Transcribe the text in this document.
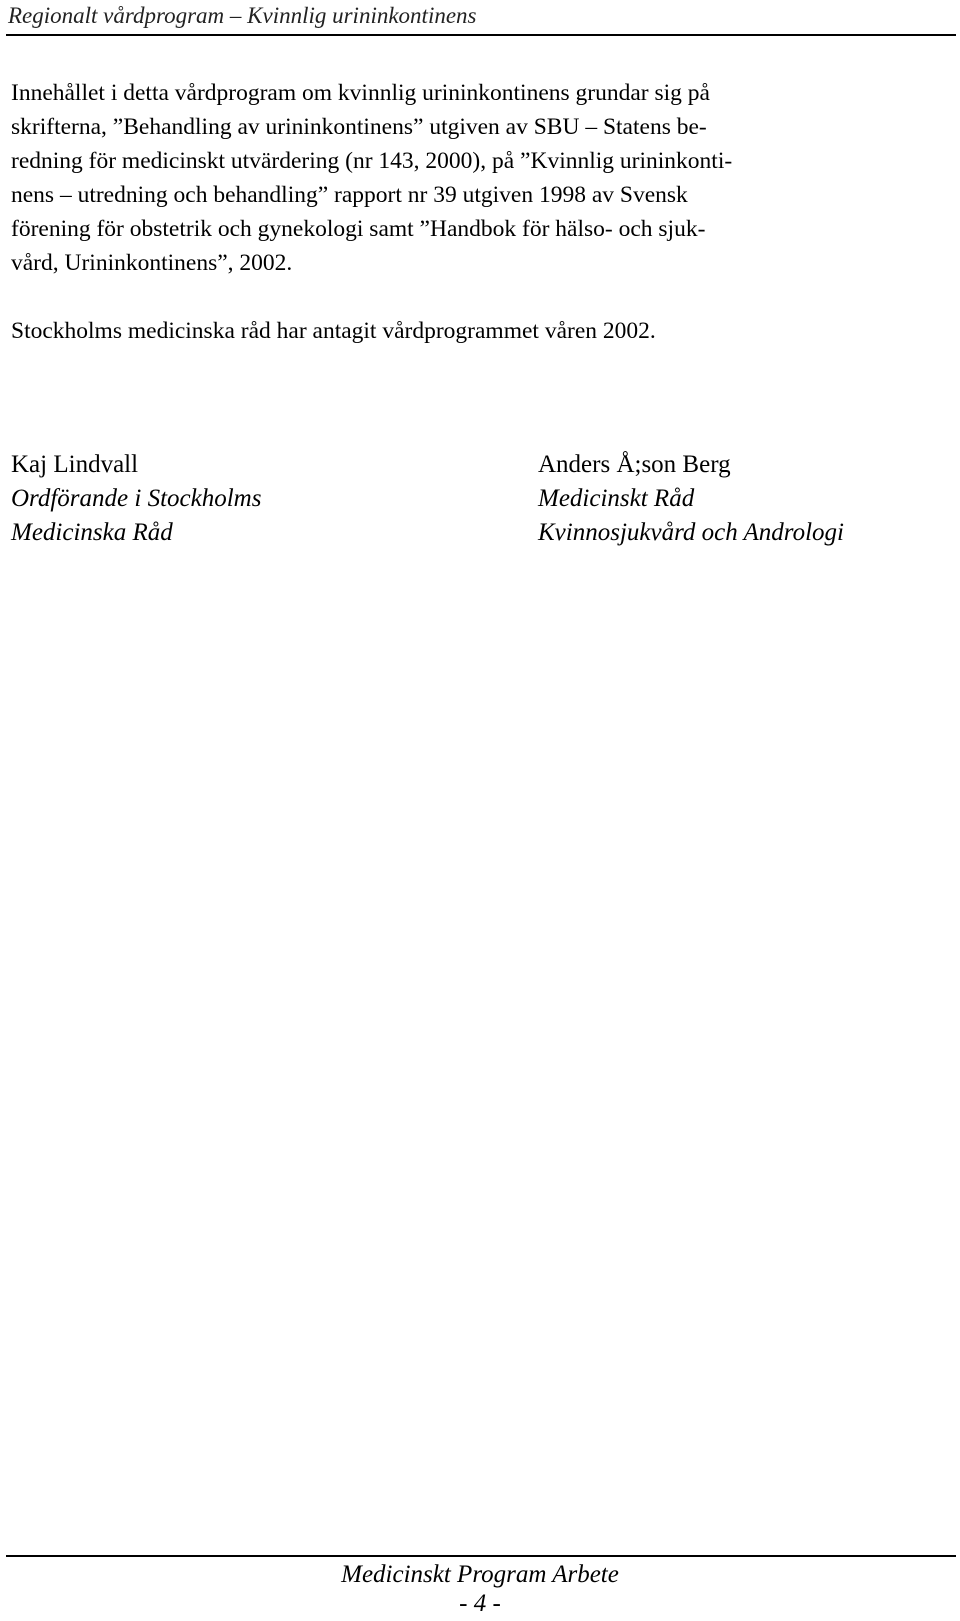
Regionalt vårdprogram – Kvinnlig urininkontinens
Innehållet i detta vårdprogram om kvinnlig urininkontinens grundar sig på
skrifterna, ”Behandling av urininkontinens” utgiven av SBU – Statens be-
redning för medicinskt utvärdering (nr 143, 2000), på ”Kvinnlig urininkonti-
nens – utredning och behandling” rapport nr 39 utgiven 1998 av Svensk
förening för obstetrik och gynekologi samt ”Handbok för hälso- och sjuk-
vård, Urininkontinens”, 2002.
Stockholms medicinska råd har antagit vårdprogrammet våren 2002.
Kaj Lindvall
Ordförande i Stockholms
Medicinska Råd
Anders Å;son Berg
Medicinskt Råd
Kvinnosjukvård och Andrologi
Medicinskt Program Arbete
- 4 -
